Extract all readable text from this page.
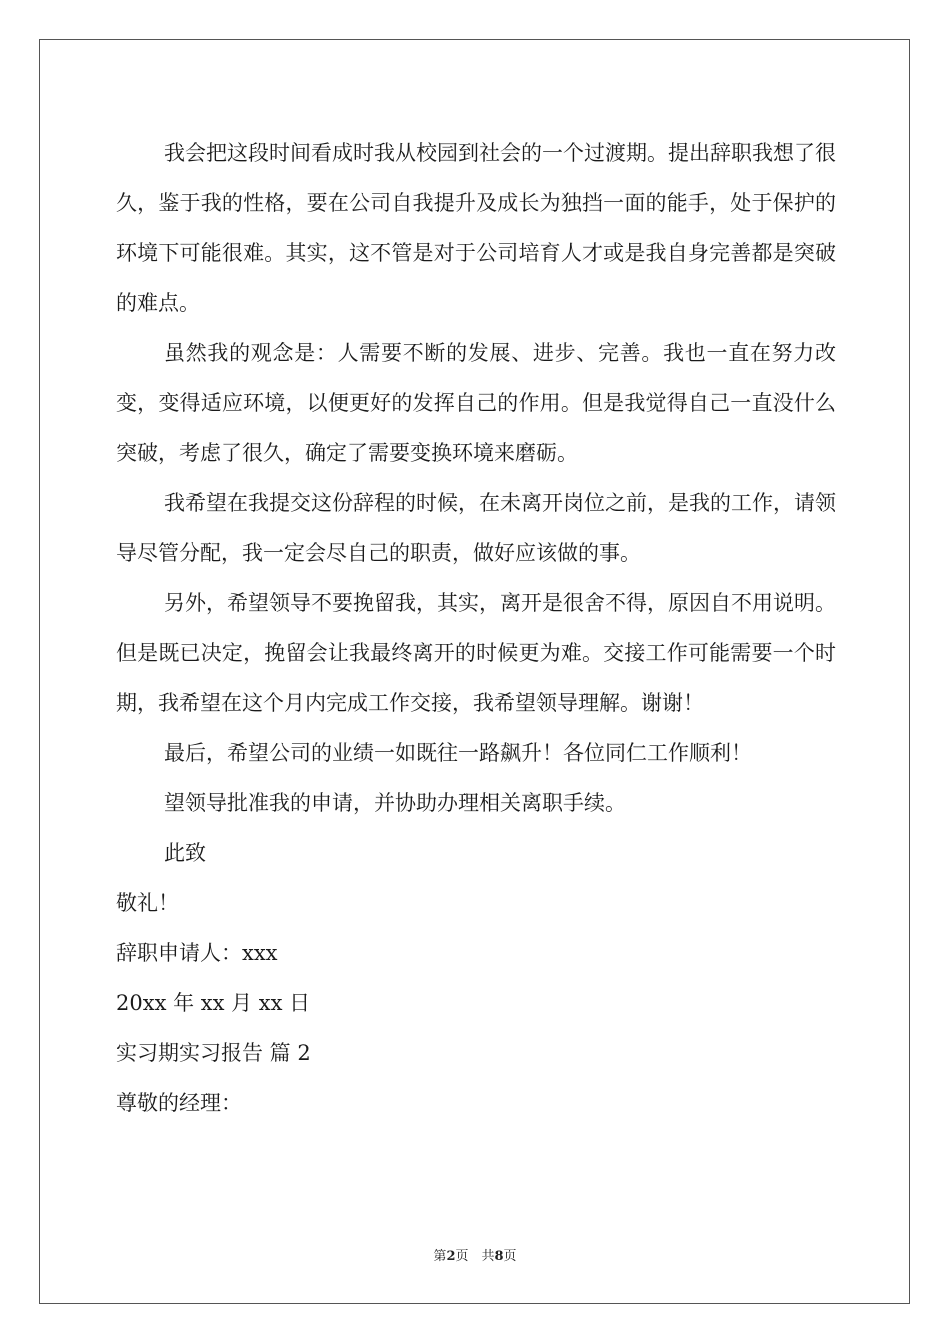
我会把这段时间看成时我从校园到社会的一个过渡期。提出辞职我想了很久，鉴于我的性格，要在公司自我提升及成长为独挡一面的能手，处于保护的环境下可能很难。其实，这不管是对于公司培育人才或是我自身完善都是突破的难点。

虽然我的观念是：人需要不断的发展、进步、完善。我也一直在努力改变，变得适应环境，以便更好的发挥自己的作用。但是我觉得自己一直没什么突破，考虑了很久，确定了需要变换环境来磨砺。

我希望在我提交这份辞程的时候，在未离开岗位之前，是我的工作，请领导尽管分配，我一定会尽自己的职责，做好应该做的事。

另外，希望领导不要挽留我，其实，离开是很舍不得，原因自不用说明。但是既已决定，挽留会让我最终离开的时候更为难。交接工作可能需要一个时期，我希望在这个月内完成工作交接，我希望领导理解。谢谢！

最后，希望公司的业绩一如既往一路飙升！各位同仁工作顺利！

望领导批准我的申请，并协助办理相关离职手续。

此致

敬礼！

辞职申请人：xxx

20xx 年 xx 月 xx 日

实习期实习报告 篇 2

尊敬的经理：

第2页　共8页
